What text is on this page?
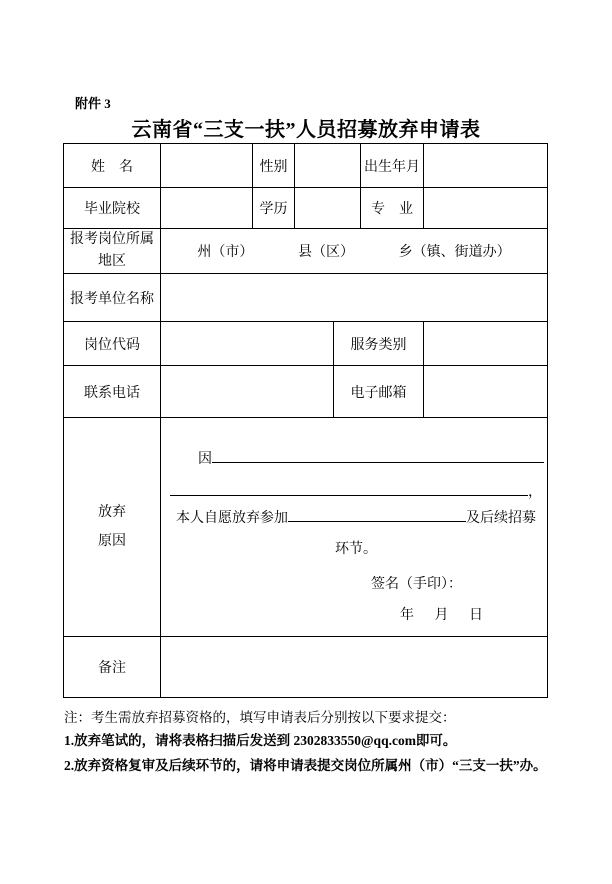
附件 3
云南省“三支一扶”人员招募放弃申请表
姓　名		性别			出生年月	
毕业院校		学历			专　业	

报考岗位所属
地区

州（市）	县（区）	乡（镇、街道办）

报考单位名称						
岗位代码				服务类别		
联系电话				电子邮箱		

放弃
原因

因
，
本人自愿放弃参加	及后续招募
环节。
签名（手印）：
年 月 日

备注						
注：考生需放弃招募资格的，填写申请表后分别按以下要求提交：
1.放弃笔试的，请将表格扫描后发送到 2302833550@qq.com即可。
2.放弃资格复审及后续环节的，请将申请表提交岗位所属州（市）“三支一扶”办。
